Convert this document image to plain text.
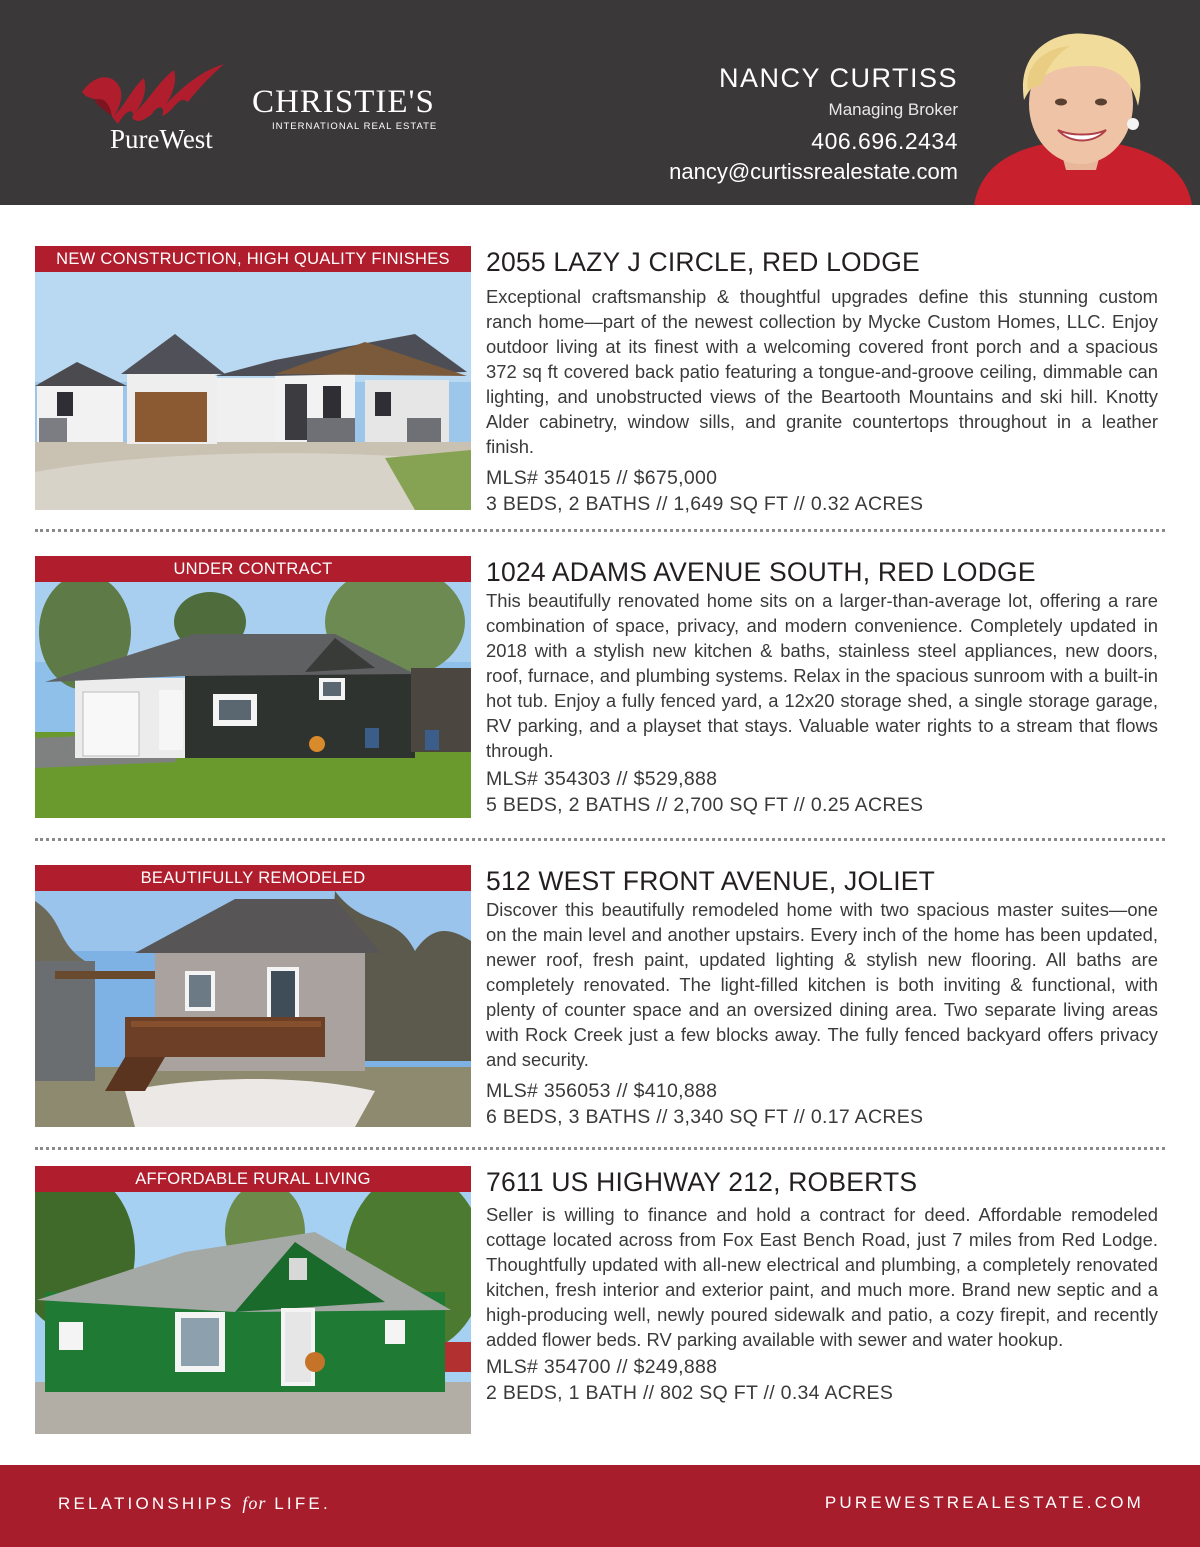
PureWest
CHRISTIE'S
INTERNATIONAL REAL ESTATE
NANCY CURTISS
Managing Broker
406.696.2434
nancy@curtissrealestate.com
NEW CONSTRUCTION, HIGH QUALITY FINISHES	2055 LAZY J CIRCLE, RED LODGE

Exceptional craftsmanship & thoughtful upgrades define this stunning custom ranch home—part of the newest collection by Mycke Custom Homes, LLC. Enjoy outdoor living at its finest with a welcoming covered front porch and a spacious 372 sq ft covered back patio featuring a tongue-and-groove ceiling, dimmable can lighting, and unobstructed views of the Beartooth Mountains and ski hill. Knotty Alder cabinetry, window sills, and granite countertops throughout in a leather finish.

MLS# 354015 // $675,000
3 BEDS, 2 BATHS // 1,649 SQ FT // 0.32 ACRES
UNDER CONTRACT	1024 ADAMS AVENUE SOUTH, RED LODGE

This beautifully renovated home sits on a larger-than-average lot, offering a rare combination of space, privacy, and modern convenience. Completely updated in 2018 with a stylish new kitchen & baths, stainless steel appliances, new doors, roof, furnace, and plumbing systems. Relax in the spacious sunroom with a built-in hot tub. Enjoy a fully fenced yard, a 12x20 storage shed, a single storage garage, RV parking, and a playset that stays. Valuable water rights to a stream that flows through.

MLS# 354303 // $529,888
5 BEDS, 2 BATHS // 2,700 SQ FT // 0.25 ACRES
BEAUTIFULLY REMODELED	512 WEST FRONT AVENUE, JOLIET

Discover this beautifully remodeled home with two spacious master suites—one on the main level and another upstairs. Every inch of the home has been updated, newer roof, fresh paint, updated lighting & stylish new flooring. All baths are completely renovated. The light-filled kitchen is both inviting & functional, with plenty of counter space and an oversized dining area. Two separate living areas with Rock Creek just a few blocks away. The fully fenced backyard offers privacy and security.

MLS# 356053 // $410,888
6 BEDS, 3 BATHS // 3,340 SQ FT // 0.17 ACRES
AFFORDABLE RURAL LIVING	7611 US HIGHWAY 212, ROBERTS

Seller is willing to finance and hold a contract for deed. Affordable remodeled cottage located across from Fox East Bench Road, just 7 miles from Red Lodge. Thoughtfully updated with all-new electrical and plumbing, a completely renovated kitchen, fresh interior and exterior paint, and much more. Brand new septic and a high-producing well, newly poured sidewalk and patio, a cozy firepit, and recently added flower beds. RV parking available with sewer and water hookup.

MLS# 354700 // $249,888
2 BEDS, 1 BATH // 802 SQ FT // 0.34 ACRES
RELATIONSHIPS for LIFE.	PUREWESTREALESTATE.COM
